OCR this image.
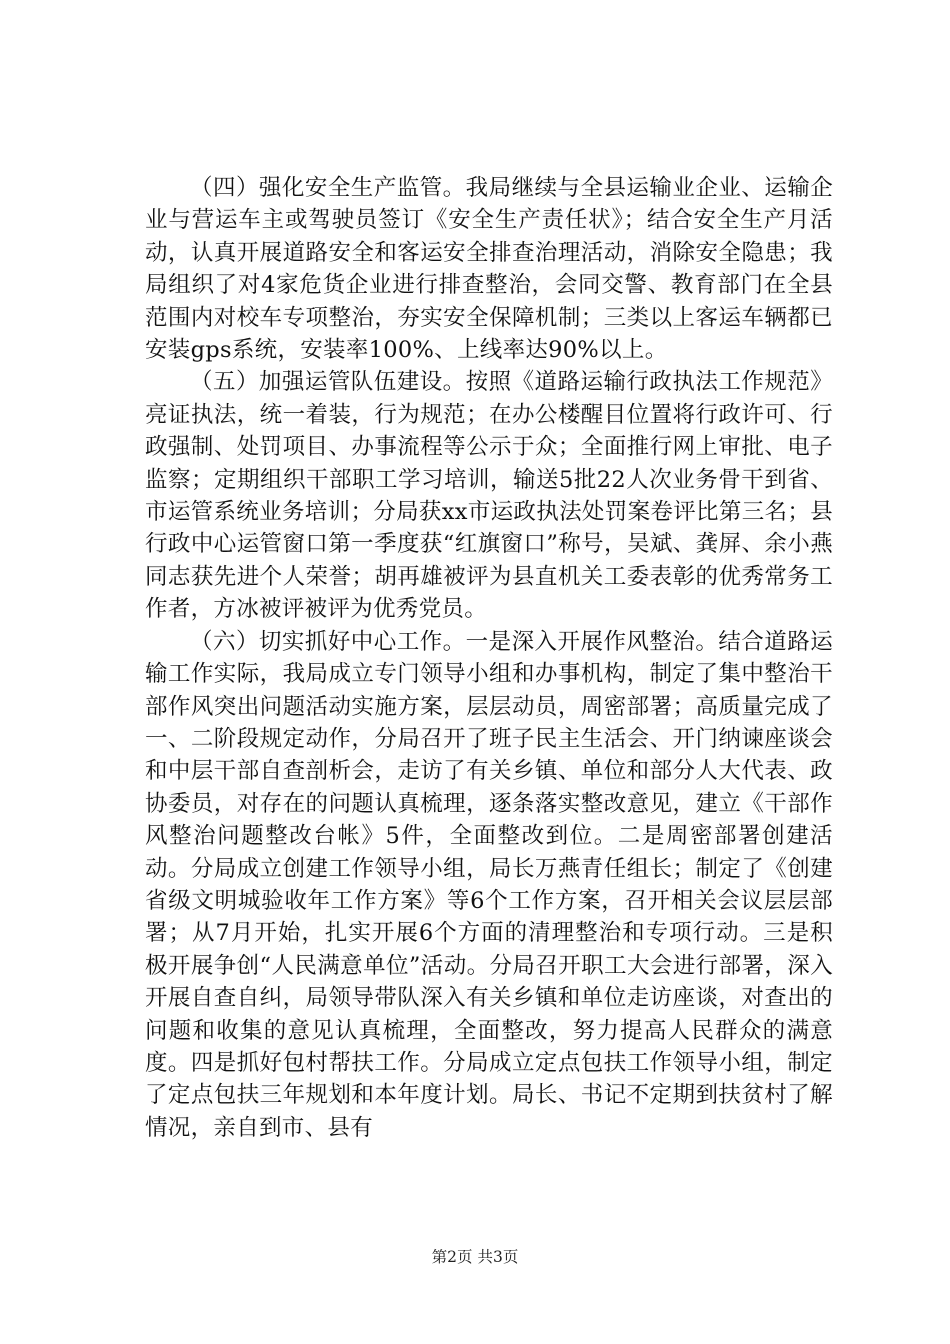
（四）强化安全生产监管。我局继续与全县运输业企业、运输企业与营运车主或驾驶员签订《安全生产责任状》；结合安全生产月活动，认真开展道路安全和客运安全排查治理活动，消除安全隐患；我局组织了对4家危货企业进行排查整治，会同交警、教育部门在全县范围内对校车专项整治，夯实安全保障机制；三类以上客运车辆都已安装gps系统，安装率100%、上线率达90%以上。

（五）加强运管队伍建设。按照《道路运输行政执法工作规范》亮证执法，统一着装，行为规范；在办公楼醒目位置将行政许可、行政强制、处罚项目、办事流程等公示于众；全面推行网上审批、电子监察；定期组织干部职工学习培训，输送5批22人次业务骨干到省、市运管系统业务培训；分局获xx市运政执法处罚案卷评比第三名；县行政中心运管窗口第一季度获“红旗窗口”称号，吴斌、龚屏、余小燕同志获先进个人荣誉；胡再雄被评为县直机关工委表彰的优秀常务工作者，方冰被评被评为优秀党员。

（六）切实抓好中心工作。一是深入开展作风整治。结合道路运输工作实际，我局成立专门领导小组和办事机构，制定了集中整治干部作风突出问题活动实施方案，层层动员，周密部署；高质量完成了一、二阶段规定动作，分局召开了班子民主生活会、开门纳谏座谈会和中层干部自查剖析会，走访了有关乡镇、单位和部分人大代表、政协委员，对存在的问题认真梳理，逐条落实整改意见，建立《干部作风整治问题整改台帐》5件，全面整改到位。二是周密部署创建活动。分局成立创建工作领导小组，局长万燕青任组长；制定了《创建省级文明城验收年工作方案》等6个工作方案，召开相关会议层层部署；从7月开始，扎实开展6个方面的清理整治和专项行动。三是积极开展争创“人民满意单位”活动。分局召开职工大会进行部署，深入开展自查自纠，局领导带队深入有关乡镇和单位走访座谈，对查出的问题和收集的意见认真梳理，全面整改，努力提高人民群众的满意度。四是抓好包村帮扶工作。分局成立定点包扶工作领导小组，制定了定点包扶三年规划和本年度计划。局长、书记不定期到扶贫村了解情况，亲自到市、县有

第2页 共3页
